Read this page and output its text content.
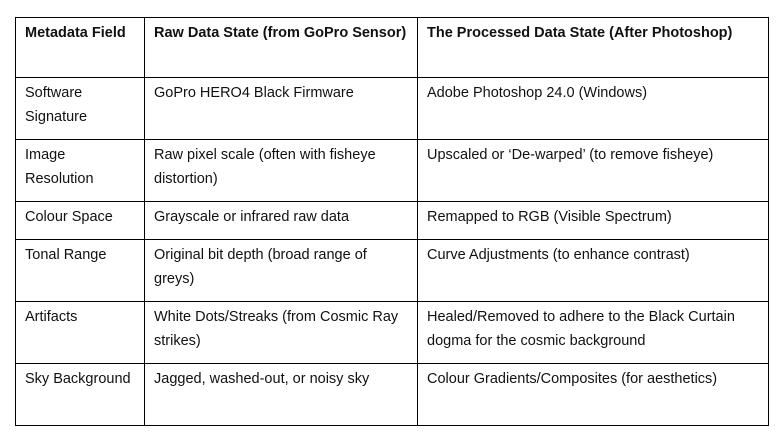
Metadata Field	Raw Data State (from GoPro Sensor)	The Processed Data State (After Photoshop)
Software Signature	GoPro HERO4 Black Firmware	Adobe Photoshop 24.0 (Windows)
Image Resolution	Raw pixel scale (often with fisheye distortion)	Upscaled or ‘De-warped’ (to remove fisheye)
Colour Space	Grayscale or infrared raw data	Remapped to RGB (Visible Spectrum)
Tonal Range	Original bit depth (broad range of greys)	Curve Adjustments (to enhance contrast)
Artifacts	White Dots/Streaks (from Cosmic Ray strikes)	Healed/Removed to adhere to the Black Curtain dogma for the cosmic background
Sky Background	Jagged, washed-out, or noisy sky	Colour Gradients/Composites (for aesthetics)
